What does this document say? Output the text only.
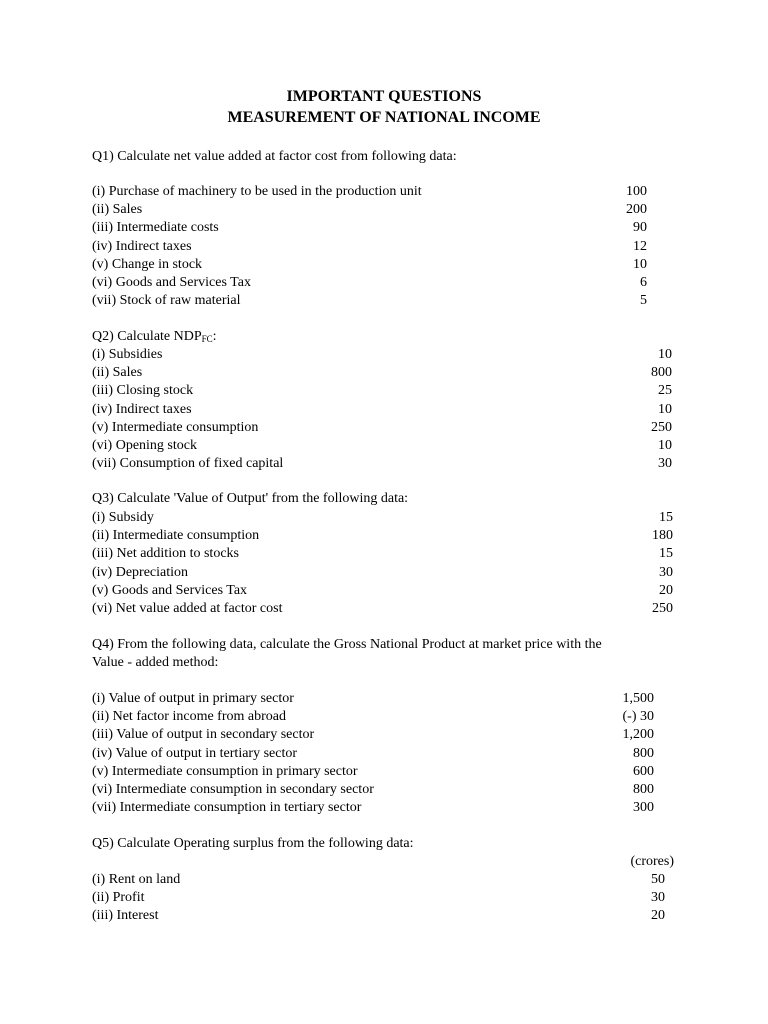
IMPORTANT QUESTIONS
MEASUREMENT OF NATIONAL INCOME
Q1) Calculate net value added at factor cost from following data:
(i) Purchase of machinery to be used in the production unit	100
(ii) Sales	200
(iii) Intermediate costs	90
(iv) Indirect taxes	12
(v) Change in stock	10
(vi) Goods and Services Tax	6
(vii) Stock of raw material	5
Q2) Calculate NDPFC:
(i) Subsidies	10
(ii) Sales	800
(iii) Closing stock	25
(iv) Indirect taxes	10
(v) Intermediate consumption	250
(vi) Opening stock	10
(vii) Consumption of fixed capital	30
Q3) Calculate 'Value of Output' from the following data:
(i) Subsidy	15
(ii) Intermediate consumption	180
(iii) Net addition to stocks	15
(iv) Depreciation	30
(v) Goods and Services Tax	20
(vi) Net value added at factor cost	250
Q4) From the following data, calculate the Gross National Product at market price with the
Value - added method:
(i) Value of output in primary sector	1,500
(ii) Net factor income from abroad	(-) 30
(iii) Value of output in secondary sector	1,200
(iv) Value of output in tertiary sector	800
(v) Intermediate consumption in primary sector	600
(vi) Intermediate consumption in secondary sector	800
(vii) Intermediate consumption in tertiary sector	300
Q5) Calculate Operating surplus from the following data:
(crores)
(i) Rent on land	50
(ii) Profit	30
(iii) Interest	20
